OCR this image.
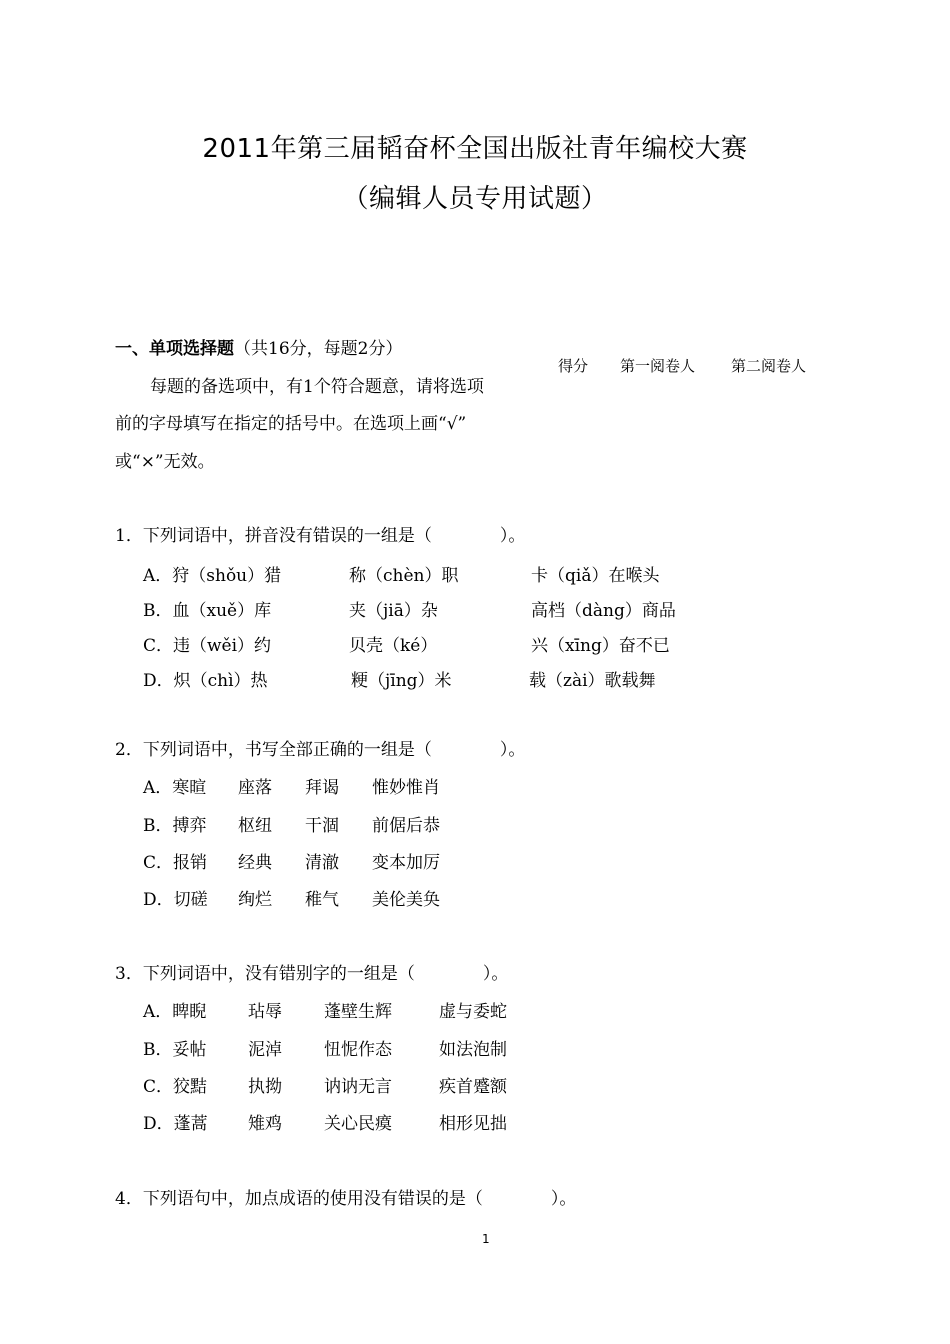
2011年第三届韬奋杯全国出版社青年编校大赛
（编辑人员专用试题）
一、单项选择题（共16分，每题2分）
得分 第一阅卷人 第二阅卷人
每题的备选项中，有1个符合题意，请将选项
前的字母填写在指定的括号中。在选项上画“√”
或“×”无效。
1．下列词语中，拼音没有错误的一组是（　　　　）。
A．狩（shǒu）猎	称（chèn）职	卡（qiǎ）在喉头
B．血（xuě）库	夹（jiā）杂	高档（dàng）商品
C．违（wěi）约	贝壳（ké）	兴（xīng）奋不已
D．炽（chì）热	粳（jīng）米	载（zài）歌载舞
2．下列词语中，书写全部正确的一组是（　　　　）。
A．寒暄 座落 拜谒 惟妙惟肖
B．搏弈 枢纽 干涸 前倨后恭
C．报销 经典 清澈 变本加厉
D．切磋 绚烂 稚气 美伦美奂
3．下列词语中，没有错别字的一组是（　　　　）。
A．睥睨 玷辱 蓬壁生辉	虚与委蛇
B．妥帖 泥淖 忸怩作态	如法泡制
C．狡黠 执拗 讷讷无言	疾首蹙额
D．蓬蒿 雉鸡 关心民瘼	相形见拙
4．下列语句中，加点成语的使用没有错误的是（　　　　）。
1
